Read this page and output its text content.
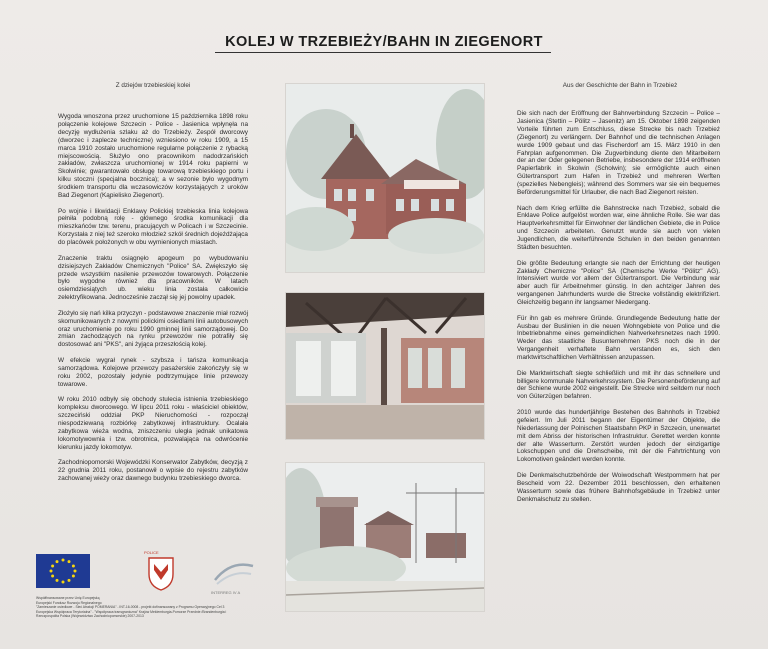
KOLEJ W TRZEBIEŻY/BAHN IN ZIEGENORT
Z dziejów trzebieskiej kolei	Aus der Geschichte der Bahn in Trzebież

Wygoda wnoszona przez uruchomione 15 października 1898 roku połączenie kolejowe Szczecin - Police - Jasienica wpłynęła na decyzję wydłużenia szlaku aż do Trzebieży. Zespół dworcowy (dworzec i zaplecze techniczne) wzniesiono w roku 1909, a 15 marca 1910 zostało uruchomione regularne połączenie z rybacką miejscowością. Służyło ono pracownikom nadodrzańskich zakładów, zwłaszcza uruchomionej w 1914 roku papierni w Skolwinie; gwarantowało obsługę towarową trzebieskiego portu i kilku stoczni (specjalna bocznica); a w sezonie było wygodnym środkiem transportu dla wczasowiczów korzystających z uroków Bad Ziegenort (Kąpielisko Ziegenort).

Po wojnie i likwidacji Enklawy Polickiej trzebieska linia kolejowa pełniła podobną rolę - głównego środka komunikacji dla mieszkańców tzw. terenu, pracujących w Policach i w Szczecinie. Korzystała z niej też szeroko młodzież szkół średnich dojeżdżająca do placówek położonych w obu wymienionych miastach.

Znaczenie traktu osiągnęło apogeum po wybudowaniu dzisiejszych Zakładów Chemicznych "Police" SA. Zwiększyło się przede wszystkim nasilenie przewozów towarowych. Połączenie było wygodne również dla pracowników. W latach osiemdziesiątych ub. wieku linia została całkowicie zelektryfikowana. Jednocześnie zaczął się jej powolny upadek.

Złożyło się nań kilka przyczyn - podstawowe znaczenie miał rozwój skomunikowanych z nowymi polickimi osiedlami linii autobusowych oraz uruchomienie po roku 1990 gminnej linii samorządowej. Do zmian zachodzących na rynku przewozów nie potrafiły się dostosować ani "PKS", ani żyjąca przeszłością kolej.

W efekcie wygrał rynek - szybsza i tańsza komunikacja samorządowa. Kolejowe przewozy pasażerskie zakończyły się w roku 2002, pozostały jedynie podtrzymujące linie przewozy towarowe.

W roku 2010 odbyły się obchody stulecia istnienia trzebieskiego kompleksu dworcowego. W lipcu 2011 roku - właściciel obiektów, szczeciński oddział PKP Nieruchomości - rozpoczął niespodziewaną rozbiórkę zabytkowej infrastruktury. Ocalała zabytkowa wieża wodna, zniszczeniu uległa jednak unikatowa lokomotywownia i tzw. obrotnica, pozwalająca na odwrócenie kierunku jazdy lokomotyw.

Zachodniopomorski Wojewódzki Konserwator Zabytków, decyzją z 22 grudnia 2011 roku, postanowił o wpisie do rejestru zabytków zachowanej wieży oraz dawnego budynku trzebieskiego dworca.

Die sich nach der Eröffnung der Bahnverbindung Szczecin – Police – Jasienica (Stettin – Pölitz – Jasenitz) am 15. Oktober 1898 zeigenden Vorteile führten zum Entschluss, diese Strecke bis nach Trzebież (Ziegenort) zu verlängern. Der Bahnhof und die technischen Anlagen wurde 1909 gebaut und das Fischerdorf am 15. März 1910 in den Fahrplan aufgenommen. Die Zugverbindung diente den Mitarbeitern der an der Oder gelegenen Betriebe, insbesondere der 1914 eröffneten Papierfabrik in Skolwin (Scholwin); sie ermöglichte auch einen Gütertransport zum Hafen in Trzebież und mehreren Werften (spezielles Nebengleis); während des Sommers war sie ein bequemes Beförderungsmittel für Urlauber, die nach Bad Ziegenort reisten.

Nach dem Krieg erfüllte die Bahnstrecke nach Trzebież, sobald die Enklave Police aufgelöst worden war, eine ähnliche Rolle. Sie war das Hauptverkehrsmittel für Einwohner der ländlichen Gebiete, die in Police und Szczecin arbeiteten. Genutzt wurde sie auch von vielen Jugendlichen, die weiterführende Schulen in den beiden genannten Städten besuchten.

Die größte Bedeutung erlangte sie nach der Errichtung der heutigen Zakłady Chemiczne "Police" SA (Chemische Werke "Pölitz" AG). Intensiviert wurde vor allem der Gütertransport. Die Verbindung war aber auch für Arbeitnehmer günstig. In den achtziger Jahren des vergangenen Jahrhunderts wurde die Strecke vollständig elektrifiziert. Gleichzeitig begann ihr langsamer Niedergang.

Für ihn gab es mehrere Gründe. Grundlegende Bedeutung hatte der Ausbau der Buslinien in die neuen Wohngebiete von Police und die Inbetriebnahme eines gemeindlichen Nahverkehrsnetzes nach 1990. Weder das staatliche Busunternehmen PKS noch die in der Vergangenheit verhaftete Bahn verstanden es, sich den marktwirtschaftlichen Verhältnissen anzupassen.

Die Marktwirtschaft siegte schließlich und mit ihr das schnellere und billigere kommunale Nahverkehrssystem. Die Personenbeförderung auf der Schiene wurde 2002 eingestellt. Die Strecke wird seitdem nur noch von Güterzügen befahren.

2010 wurde das hundertjährige Bestehen des Bahnhofs in Trzebież gefeiert. Im Juli 2011 begann der Eigentümer der Objekte, die Niederlassung der Polnischen Staatsbahn PKP in Szczecin, unerwartet mit dem Abriss der historischen Infrastruktur. Gerettet werden konnte der alte Wasserturm. Zerstört wurden jedoch der einzigartige Lokschuppen und die Drehscheibe, mit der die Fahrtrichtung von Lokomotiven geändert werden konnte.

Die Denkmalschutzbehörde der Woiwodschaft Westpommern hat per Bescheid vom 22. Dezember 2011 beschlossen, den erhaltenen Wasserturm sowie das frühere Bahnhofsgebäude in Trzebież unter Denkmalschutz zu stellen.

POLICE
INTERREG IV A
Współfinansowane przez Unię Europejską
Europejski Fundusz Rozwoju Regionalnego
"Zamieszanie osiedlowe - Sieć Atrakcji POMERANIA" - INT-16-0008 - projekt dofinansowany z Programu Operacyjnego Cel 3
Europejska Współpraca Terytorialna" - "Współpraca transgraniczna" Krajów Meklemburgia-Pomorze Przednie /Brandenburgia i
Rzeczpospolita Polska (Województwo Zachodniopomorskie) 2007-2013
